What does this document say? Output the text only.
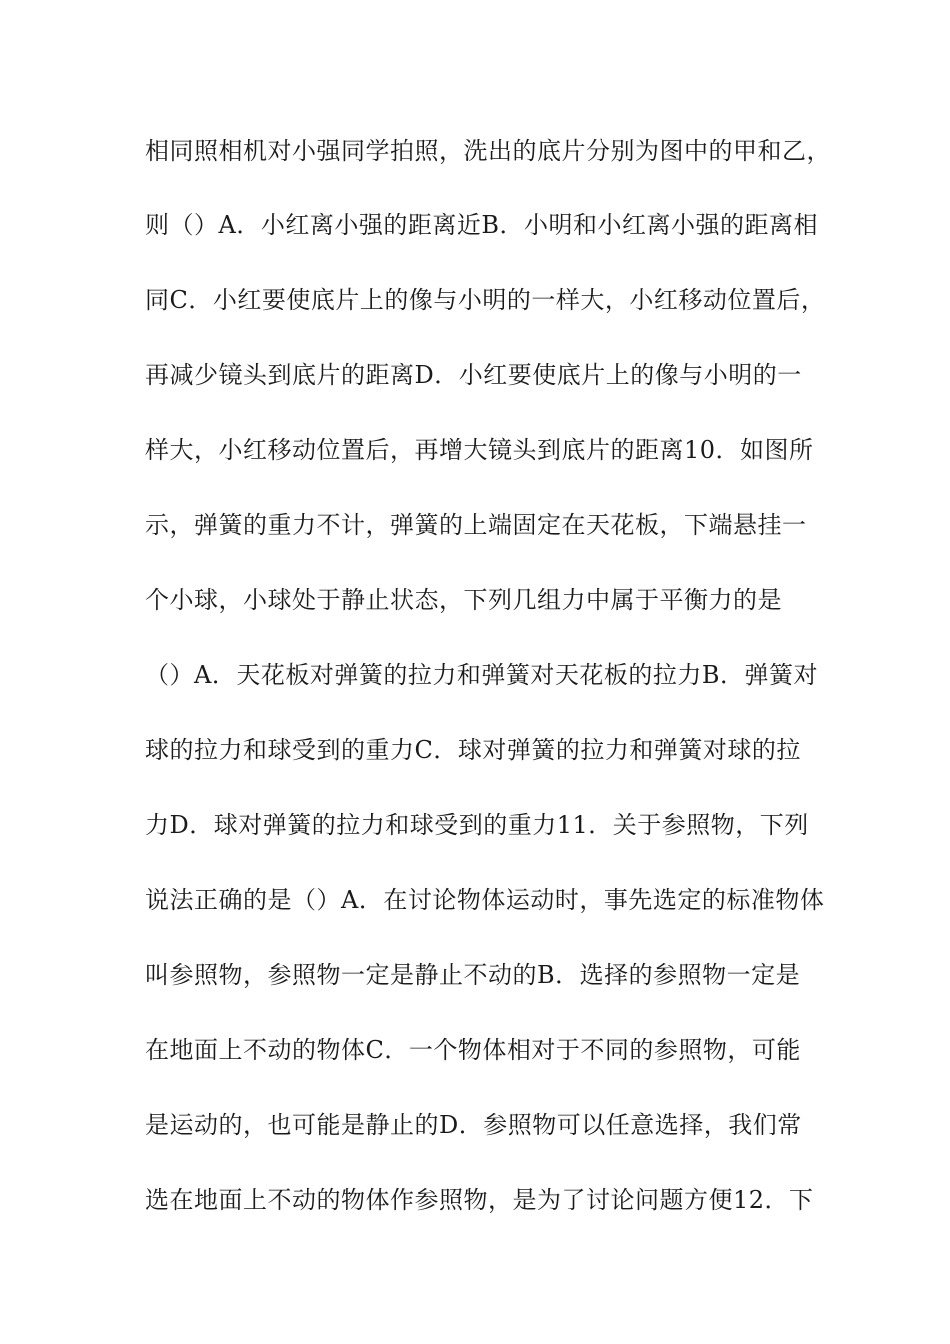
相同照相机对小强同学拍照，洗出的底片分别为图中的甲和乙，
则（）A．小红离小强的距离近B．小明和小红离小强的距离相
同C．小红要使底片上的像与小明的一样大，小红移动位置后，
再减少镜头到底片的距离D．小红要使底片上的像与小明的一
样大，小红移动位置后，再增大镜头到底片的距离10．如图所
示，弹簧的重力不计，弹簧的上端固定在天花板，下端悬挂一
个小球，小球处于静止状态，下列几组力中属于平衡力的是
（）A．天花板对弹簧的拉力和弹簧对天花板的拉力B．弹簧对
球的拉力和球受到的重力C．球对弹簧的拉力和弹簧对球的拉
力D．球对弹簧的拉力和球受到的重力11．关于参照物，下列
说法正确的是（）A．在讨论物体运动时，事先选定的标准物体
叫参照物，参照物一定是静止不动的B．选择的参照物一定是
在地面上不动的物体C．一个物体相对于不同的参照物，可能
是运动的，也可能是静止的D．参照物可以任意选择，我们常
选在地面上不动的物体作参照物，是为了讨论问题方便12．下
